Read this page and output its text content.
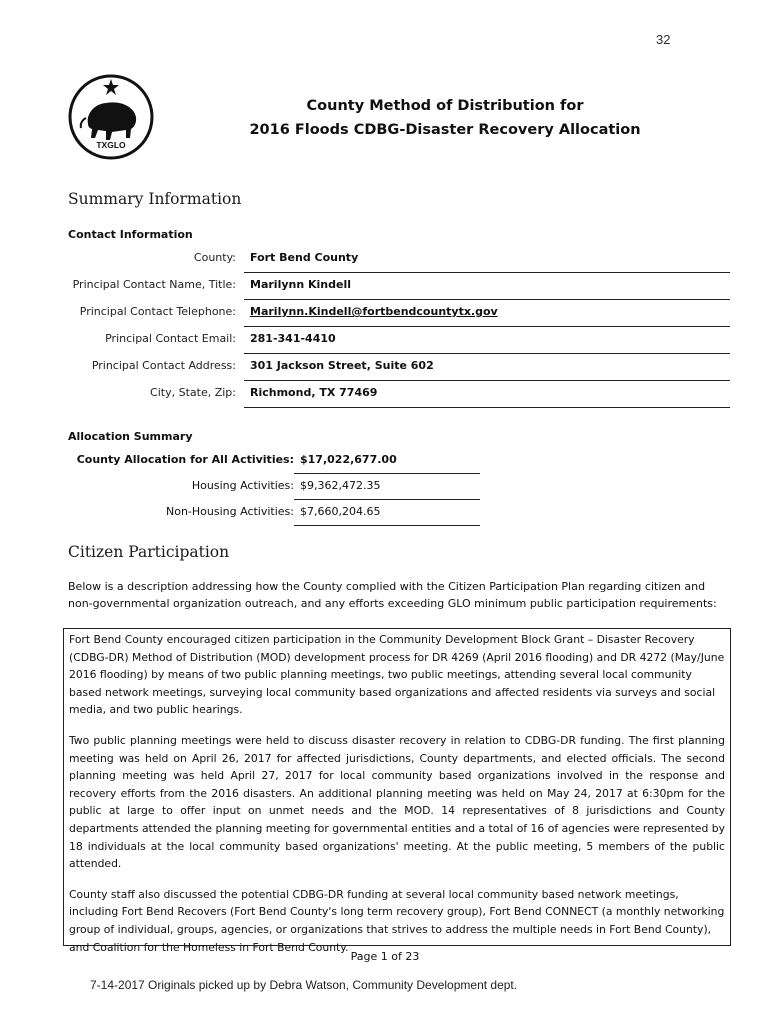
32
TXGLO
County Method of Distribution for
2016 Floods CDBG-Disaster Recovery Allocation
Summary Information
Contact Information
County: Fort Bend County
Principal Contact Name, Title: Marilynn Kindell
Principal Contact Telephone: Marilynn.Kindell@fortbendcountytx.gov
Principal Contact Email: 281-341-4410
Principal Contact Address: 301 Jackson Street, Suite 602
City, State, Zip: Richmond, TX 77469
Allocation Summary
County Allocation for All Activities: $17,022,677.00
Housing Activities: $9,362,472.35
Non-Housing Activities: $7,660,204.65
Citizen Participation
Below is a description addressing how the County complied with the Citizen Participation Plan regarding citizen and non-governmental organization outreach, and any efforts exceeding GLO minimum public participation requirements:

Fort Bend County encouraged citizen participation in the Community Development Block Grant – Disaster Recovery (CDBG-DR) Method of Distribution (MOD) development process for DR 4269 (April 2016 flooding) and DR 4272 (May/June 2016 flooding) by means of two public planning meetings, two public meetings, attending several local community based network meetings, surveying local community based organizations and affected residents via surveys and social media, and two public hearings.

Two public planning meetings were held to discuss disaster recovery in relation to CDBG-DR funding. The first planning meeting was held on April 26, 2017 for affected jurisdictions, County departments, and elected officials. The second planning meeting was held April 27, 2017 for local community based organizations involved in the response and recovery efforts from the 2016 disasters. An additional planning meeting was held on May 24, 2017 at 6:30pm for the public at large to offer input on unmet needs and the MOD. 14 representatives of 8 jurisdictions and County departments attended the planning meeting for governmental entities and a total of 16 of agencies were represented by 18 individuals at the local community based organizations' meeting. At the public meeting, 5 members of the public attended.

County staff also discussed the potential CDBG-DR funding at several local community based network meetings, including Fort Bend Recovers (Fort Bend County's long term recovery group), Fort Bend CONNECT (a monthly networking group of individual, groups, agencies, or organizations that strives to address the multiple needs in Fort Bend County), and Coalition for the Homeless in Fort Bend County.

Page 1 of 23
7-14-2017 Originals picked up by Debra Watson, Community Development dept.
